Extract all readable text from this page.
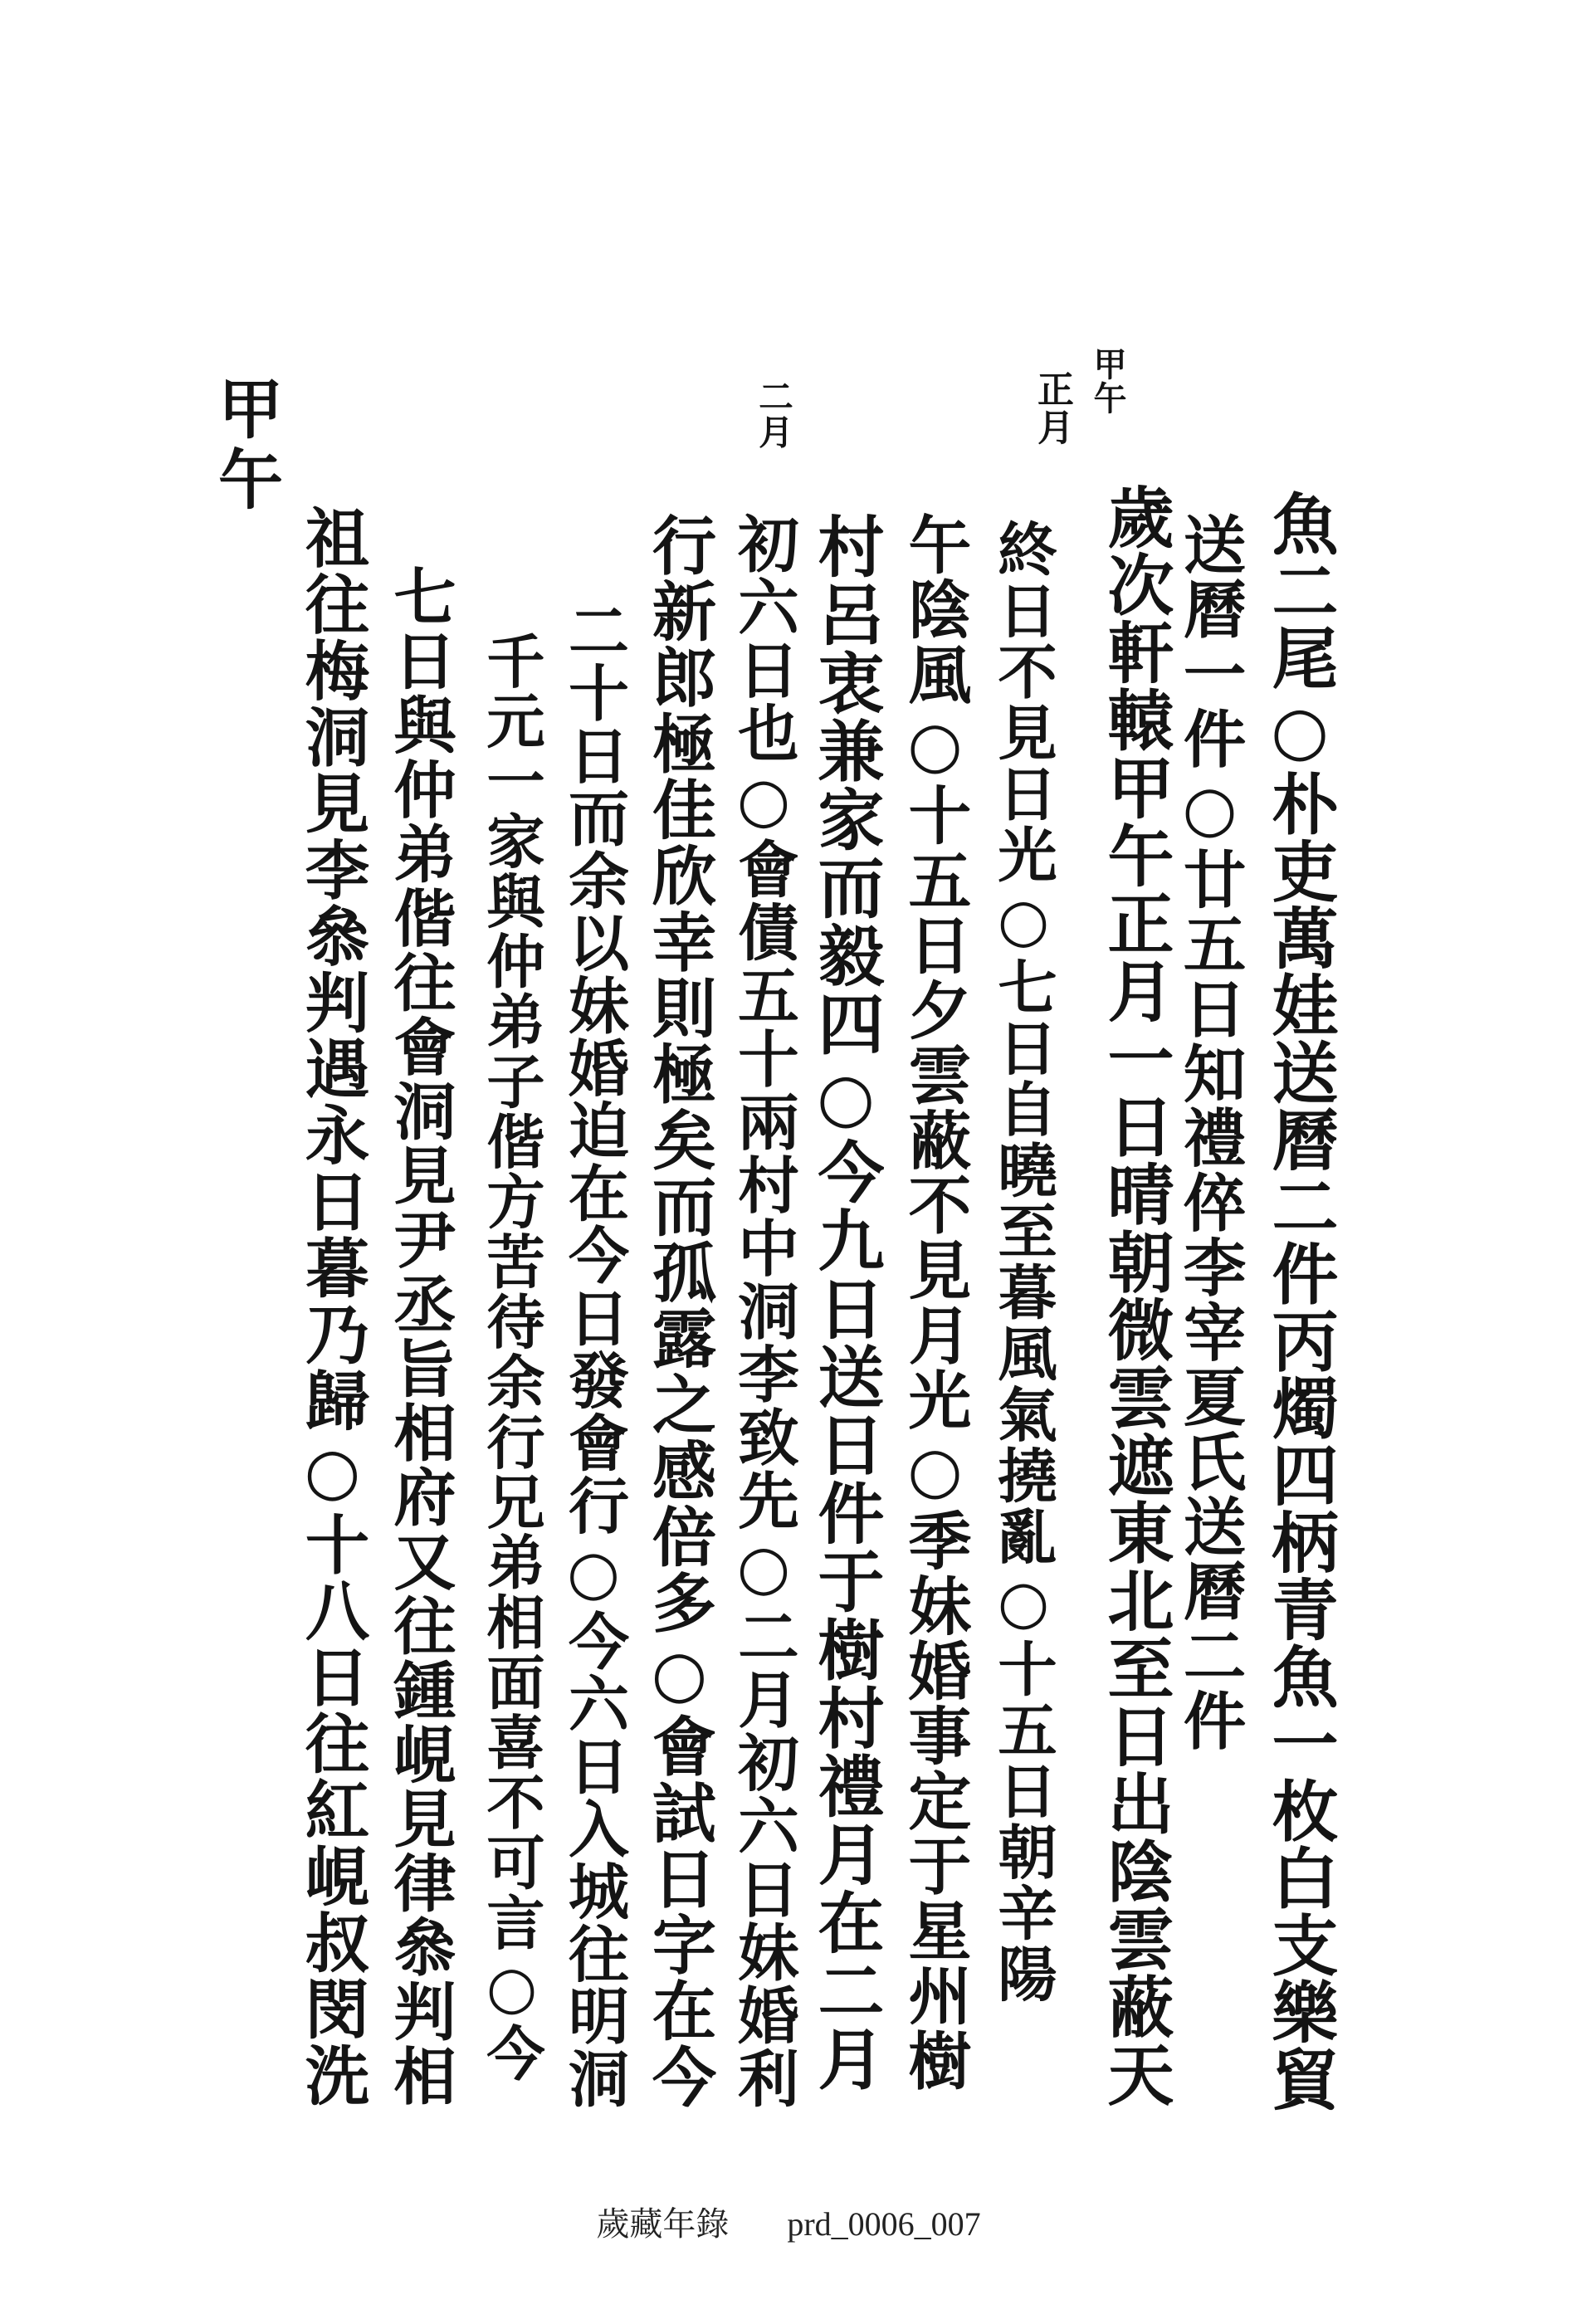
甲午
正月
二月
甲午
魚二尾○朴吏萬娃送曆二件丙燭四柄青魚一枚白支樂貿
送曆一件○廿五日知禮倅李宰夏氏送曆二件
歲次軒轅甲午正月一日晴朝微雲遮東北至日出陰雲蔽天
終日不見日光○七日自曉至暮風氣撓亂○十五日朝辛陽
午陰風○十五日夕雲蔽不見月光○季妹婚事定于星州樹
村呂衷兼家而毅四○今九日送日件于樹村禮月在二月
初六日也○會債五十兩村中洞李致先○二月初六日妹婚利
行新郎極佳欣幸則極矣而孤露之感倍多○會試日字在今
二十日而余以妹婚迫在今日發會行○今六日入城往明洞
千元一家與仲弟子偕方苦待余行兄弟相面喜不可言○今
七日與仲弟偕往會洞見尹丞旨相府又往鍾峴見律叅判相
祖往梅洞見李叅判遇永日暮乃歸○十八日往紅峴叔閔洗
歲藏年錄 prd_0006_007
